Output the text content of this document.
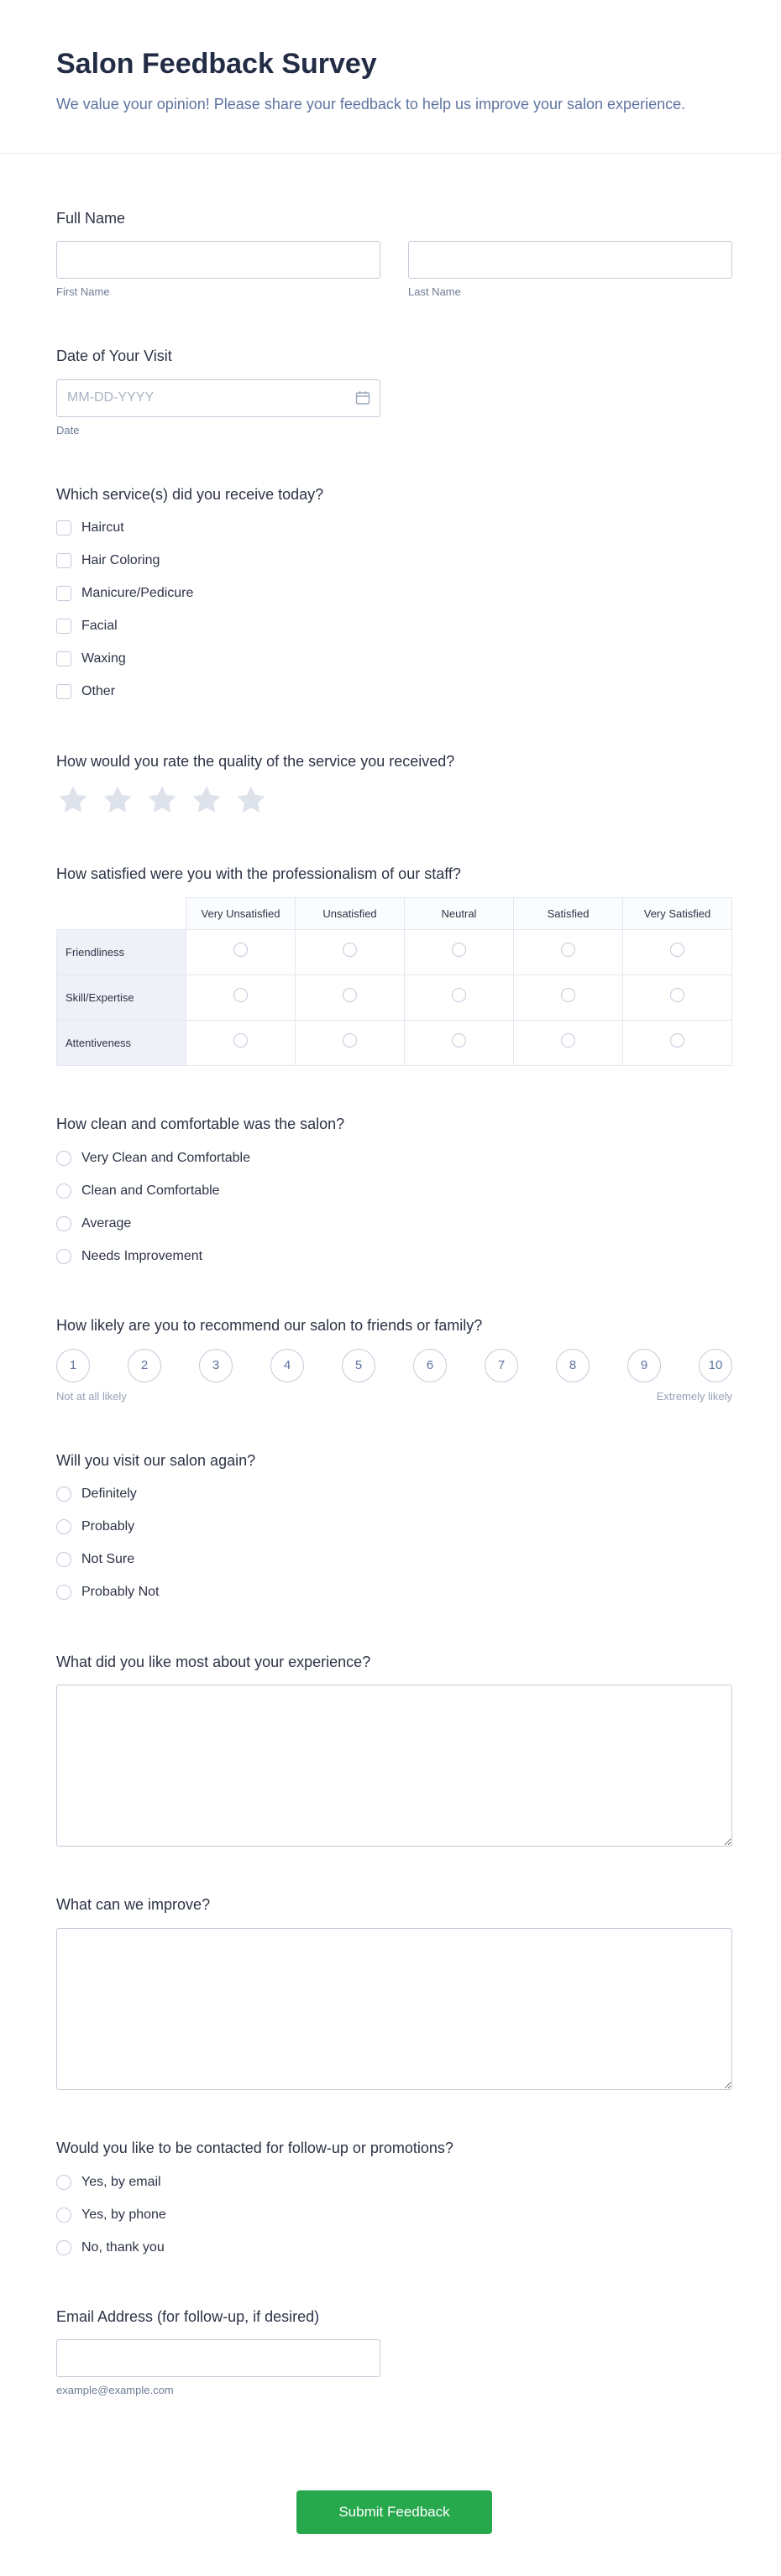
Salon Feedback Survey

We value your opinion! Please share your feedback to help us improve your salon experience.

Full Name
First Name	Last Name
Date of Your Visit
MM-DD-YYYY
Date
Which service(s) did you receive today?
Haircut
Hair Coloring
Manicure/Pedicure
Facial
Waxing
Other
How would you rate the quality of the service you received?
How satisfied were you with the professionalism of our staff?
	Very Unsatisfied	Unsatisfied	Neutral	Satisfied	Very Satisfied
Friendliness					
Skill/Expertise					
Attentiveness					
How clean and comfortable was the salon?
Very Clean and Comfortable
Clean and Comfortable
Average
Needs Improvement
How likely are you to recommend our salon to friends or family?
1	2	3	4	5	6	7	8	9	10
Not at all likely	Extremely likely
Will you visit our salon again?
Definitely
Probably
Not Sure
Probably Not
What did you like most about your experience?
What can we improve?
Would you like to be contacted for follow-up or promotions?
Yes, by email
Yes, by phone
No, thank you
Email Address (for follow-up, if desired)
example@example.com
Submit Feedback
